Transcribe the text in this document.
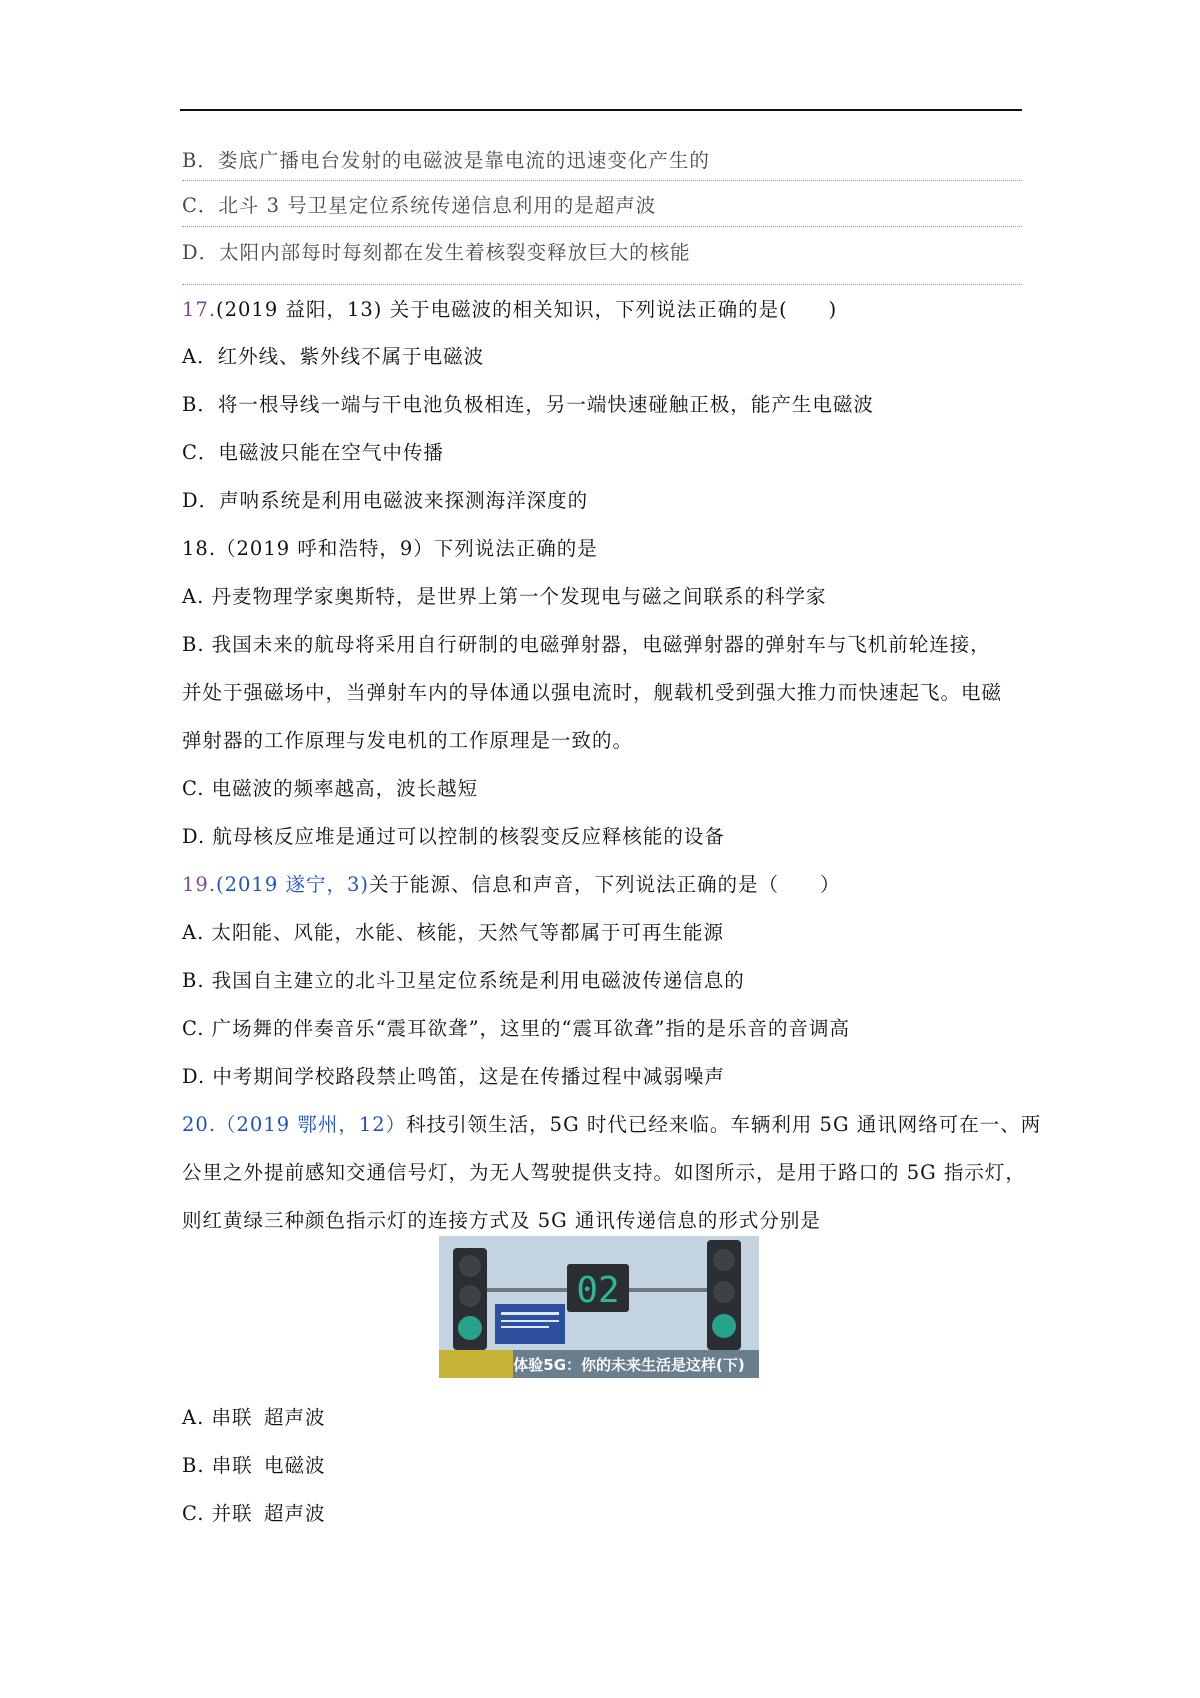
B．娄底广播电台发射的电磁波是靠电流的迅速变化产生的
C．北斗 3 号卫星定位系统传递信息利用的是超声波
D．太阳内部每时每刻都在发生着核裂变释放巨大的核能
17.(2019 益阳，13) 关于电磁波的相关知识，下列说法正确的是(　　)
A．红外线、紫外线不属于电磁波
B．将一根导线一端与干电池负极相连，另一端快速碰触正极，能产生电磁波
C．电磁波只能在空气中传播
D．声呐系统是利用电磁波来探测海洋深度的
18.（2019 呼和浩特，9）下列说法正确的是
A. 丹麦物理学家奥斯特，是世界上第一个发现电与磁之间联系的科学家
B. 我国未来的航母将采用自行研制的电磁弹射器，电磁弹射器的弹射车与飞机前轮连接，
并处于强磁场中，当弹射车内的导体通以强电流时，舰载机受到强大推力而快速起飞。电磁
弹射器的工作原理与发电机的工作原理是一致的。
C. 电磁波的频率越高，波长越短
D. 航母核反应堆是通过可以控制的核裂变反应释核能的设备
19.(2019 遂宁，3)关于能源、信息和声音，下列说法正确的是（　　）
A. 太阳能、风能，水能、核能，天然气等都属于可再生能源
B. 我国自主建立的北斗卫星定位系统是利用电磁波传递信息的
C. 广场舞的伴奏音乐“震耳欲聋”，这里的“震耳欲聋”指的是乐音的音调高
D. 中考期间学校路段禁止鸣笛，这是在传播过程中减弱噪声
20.（2019 鄂州，12）科技引领生活，5G 时代已经来临。车辆利用 5G 通讯网络可在一、两
公里之外提前感知交通信号灯，为无人驾驶提供支持。如图所示，是用于路口的 5G 指示灯，
则红黄绿三种颜色指示灯的连接方式及 5G 通讯传递信息的形式分别是
02
体验5G：你的未来生活是这样(下)
A. 串联 超声波
B. 串联 电磁波
C. 并联 超声波
